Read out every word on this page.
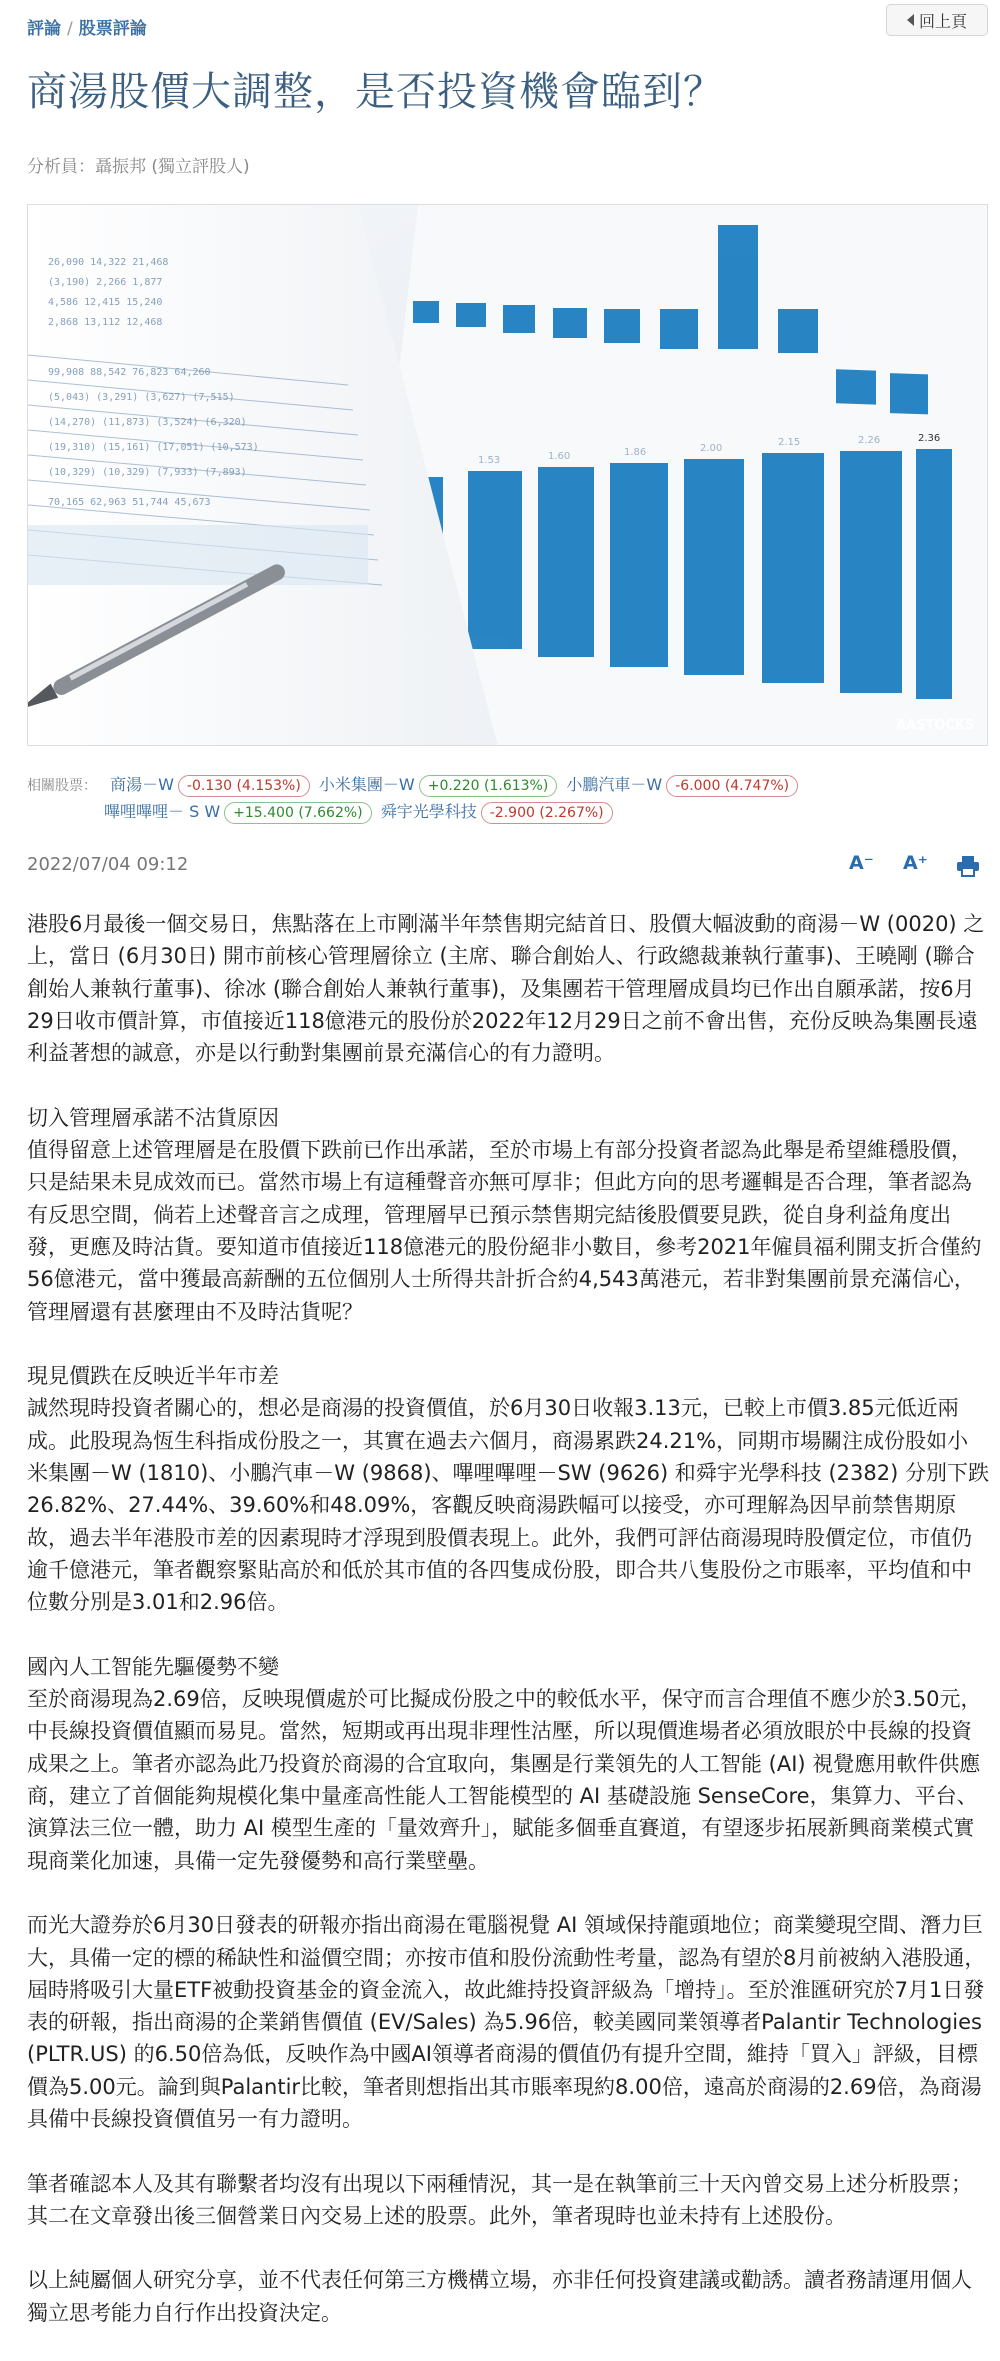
評論 / 股票評論	回上頁
商湯股價大調整，是否投資機會臨到？
分析員：聶振邦 (獨立評股人)
1.53	1.60	1.86	2.00
2.15	2.26	2.36
AASTOCKS
26,090 14,322 21,468
(3,190) 2,266 1,877
4,586 12,415 15,240
2,868 13,112 12,468
99,908 88,542 76,823 64,260
(5,043) (3,291) (3,627) (7,515)
(14,270) (11,873) (3,524) (6,320)
(19,310) (15,161) (17,051) (10,573)
(10,329) (10,329) (7,933) (7,893)
70,165 62,963 51,744 45,673
相關股票： 商湯－W -0.130 (4.153%) 小米集團－W +0.220 (1.613%) 小鵬汽車－W -6.000 (4.747%)
嗶哩嗶哩－ S W +15.400 (7.662%) 舜宇光學科技 -2.900 (2.267%)
2022/07/04 09:12	A⁻ A⁺

港股6月最後一個交易日，焦點落在上市剛滿半年禁售期完結首日、股價大幅波動的商湯－W (0020) 之上，當日 (6月30日) 開市前核心管理層徐立 (主席、聯合創始人、行政總裁兼執行董事)、王曉剛 (聯合創始人兼執行董事)、徐冰 (聯合創始人兼執行董事)，及集團若干管理層成員均已作出自願承諾，按6月29日收市價計算，市值接近118億港元的股份於2022年12月29日之前不會出售，充份反映為集團長遠利益著想的誠意，亦是以行動對集團前景充滿信心的有力證明。

切入管理層承諾不沽貨原因
值得留意上述管理層是在股價下跌前已作出承諾，至於市場上有部分投資者認為此舉是希望維穩股價，只是結果未見成效而已。當然市場上有這種聲音亦無可厚非；但此方向的思考邏輯是否合理，筆者認為有反思空間，倘若上述聲音言之成理，管理層早已預示禁售期完結後股價要見跌，從自身利益角度出發，更應及時沽貨。要知道市值接近118億港元的股份絕非小數目，參考2021年僱員福利開支折合僅約56億港元，當中獲最高薪酬的五位個別人士所得共計折合約4,543萬港元，若非對集團前景充滿信心，管理層還有甚麼理由不及時沽貨呢？

現見價跌在反映近半年市差
誠然現時投資者關心的，想必是商湯的投資價值，於6月30日收報3.13元，已較上市價3.85元低近兩成。此股現為恆生科指成份股之一，其實在過去六個月，商湯累跌24.21%，同期市場關注成份股如小米集團－W (1810)、小鵬汽車－W (9868)、嗶哩嗶哩－SW (9626) 和舜宇光學科技 (2382) 分別下跌26.82%、27.44%、39.60%和48.09%，客觀反映商湯跌幅可以接受，亦可理解為因早前禁售期原故，過去半年港股市差的因素現時才浮現到股價表現上。此外，我們可評估商湯現時股價定位，市值仍逾千億港元，筆者觀察緊貼高於和低於其市值的各四隻成份股，即合共八隻股份之市賬率，平均值和中位數分別是3.01和2.96倍。

國內人工智能先驅優勢不變
至於商湯現為2.69倍，反映現價處於可比擬成份股之中的較低水平，保守而言合理值不應少於3.50元，中長線投資價值顯而易見。當然，短期或再出現非理性沽壓，所以現價進場者必須放眼於中長線的投資成果之上。筆者亦認為此乃投資於商湯的合宜取向，集團是行業領先的人工智能 (AI) 視覺應用軟件供應商，建立了首個能夠規模化集中量產高性能人工智能模型的 AI 基礎設施 SenseCore，集算力、平台、演算法三位一體，助力 AI 模型生產的「量效齊升」，賦能多個垂直賽道，有望逐步拓展新興商業模式實現商業化加速，具備一定先發優勢和高行業壁壘。

而光大證券於6月30日發表的研報亦指出商湯在電腦視覺 AI 領域保持龍頭地位；商業變現空間、潛力巨大，具備一定的標的稀缺性和溢價空間；亦按市值和股份流動性考量，認為有望於8月前被納入港股通，屆時將吸引大量ETF被動投資基金的資金流入，故此維持投資評級為「增持」。至於淮匯研究於7月1日發表的研報，指出商湯的企業銷售價值 (EV/Sales) 為5.96倍，較美國同業領導者Palantir Technologies (PLTR.US) 的6.50倍為低，反映作為中國AI領導者商湯的價值仍有提升空間，維持「買入」評級，目標價為5.00元。論到與Palantir比較，筆者則想指出其市賬率現約8.00倍，遠高於商湯的2.69倍，為商湯具備中長線投資價值另一有力證明。

筆者確認本人及其有聯繫者均沒有出現以下兩種情況，其一是在執筆前三十天內曾交易上述分析股票；其二在文章發出後三個營業日內交易上述的股票。此外，筆者現時也並未持有上述股份。

以上純屬個人研究分享，並不代表任何第三方機構立場，亦非任何投資建議或勸誘。讀者務請運用個人獨立思考能力自行作出投資決定。
